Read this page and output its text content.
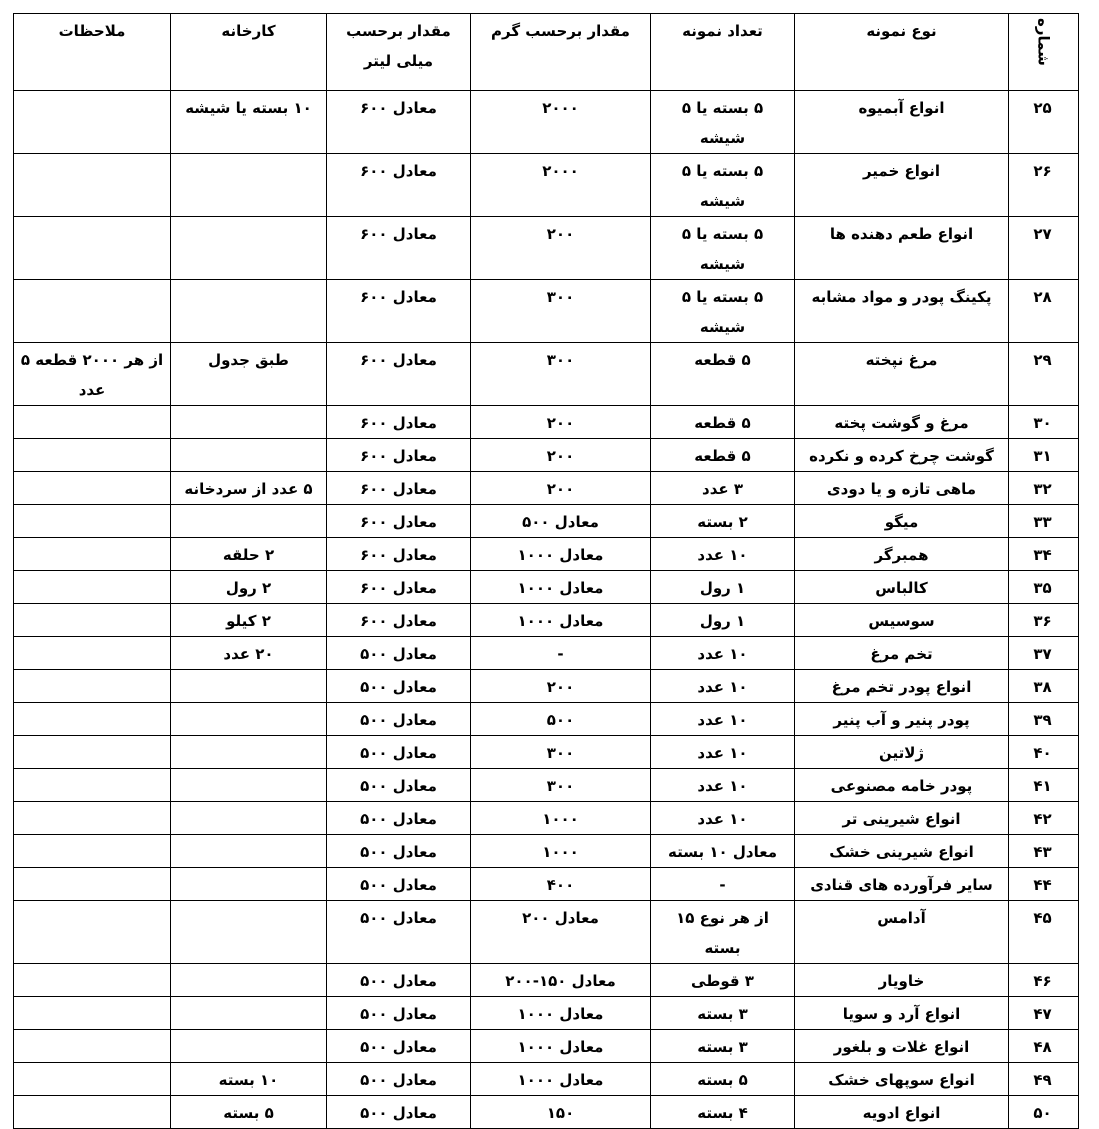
شماره	نوع نمونه	تعداد نمونه	مقدار برحسب گرم	مقدار برحسب میلی لیتر	کارخانه	ملاحظات
۲۵	انواع آبمیوه	۵ بسته یا ۵ شیشه	۲۰۰۰	معادل ۶۰۰	۱۰ بسته یا شیشه	
۲۶	انواع خمیر	۵ بسته یا ۵ شیشه	۲۰۰۰	معادل ۶۰۰		
۲۷	انواع طعم دهنده ها	۵ بسته یا ۵ شیشه	۲۰۰	معادل ۶۰۰		
۲۸	پکینگ پودر و مواد مشابه	۵ بسته یا ۵ شیشه	۳۰۰	معادل ۶۰۰		
۲۹	مرغ نپخته	۵ قطعه	۳۰۰	معادل ۶۰۰	طبق جدول	از هر ۲۰۰۰ قطعه ۵ عدد
۳۰	مرغ و گوشت پخته	۵ قطعه	۲۰۰	معادل ۶۰۰		
۳۱	گوشت چرخ کرده و نکرده	۵ قطعه	۲۰۰	معادل ۶۰۰		
۳۲	ماهی تازه و یا دودی	۳ عدد	۲۰۰	معادل ۶۰۰	۵ عدد از سردخانه	
۳۳	میگو	۲ بسته	معادل ۵۰۰	معادل ۶۰۰		
۳۴	همبرگر	۱۰ عدد	معادل ۱۰۰۰	معادل ۶۰۰	۲ حلقه	
۳۵	کالباس	۱ رول	معادل ۱۰۰۰	معادل ۶۰۰	۲ رول	
۳۶	سوسیس	۱ رول	معادل ۱۰۰۰	معادل ۶۰۰	۲ کیلو	
۳۷	تخم مرغ	۱۰ عدد	-	معادل ۵۰۰	۲۰ عدد	
۳۸	انواع پودر تخم مرغ	۱۰ عدد	۲۰۰	معادل ۵۰۰		
۳۹	پودر پنیر و آب پنیر	۱۰ عدد	۵۰۰	معادل ۵۰۰		
۴۰	ژلاتین	۱۰ عدد	۳۰۰	معادل ۵۰۰		
۴۱	پودر خامه مصنوعی	۱۰ عدد	۳۰۰	معادل ۵۰۰		
۴۲	انواع شیرینی تر	۱۰ عدد	۱۰۰۰	معادل ۵۰۰		
۴۳	انواع شیرینی خشک	معادل ۱۰ بسته	۱۰۰۰	معادل ۵۰۰		
۴۴	سایر فرآورده های قنادی	-	۴۰۰	معادل ۵۰۰		
۴۵	آدامس	از هر نوع ۱۵ بسته	معادل ۲۰۰	معادل ۵۰۰		
۴۶	خاویار	۳ قوطی	معادل ۱۵۰-۲۰۰	معادل ۵۰۰		
۴۷	انواع آرد و سویا	۳ بسته	معادل ۱۰۰۰	معادل ۵۰۰		
۴۸	انواع غلات و بلغور	۳ بسته	معادل ۱۰۰۰	معادل ۵۰۰		
۴۹	انواع سوپهای خشک	۵ بسته	معادل ۱۰۰۰	معادل ۵۰۰	۱۰ بسته	
۵۰	انواع ادویه	۴ بسته	۱۵۰	معادل ۵۰۰	۵ بسته	
